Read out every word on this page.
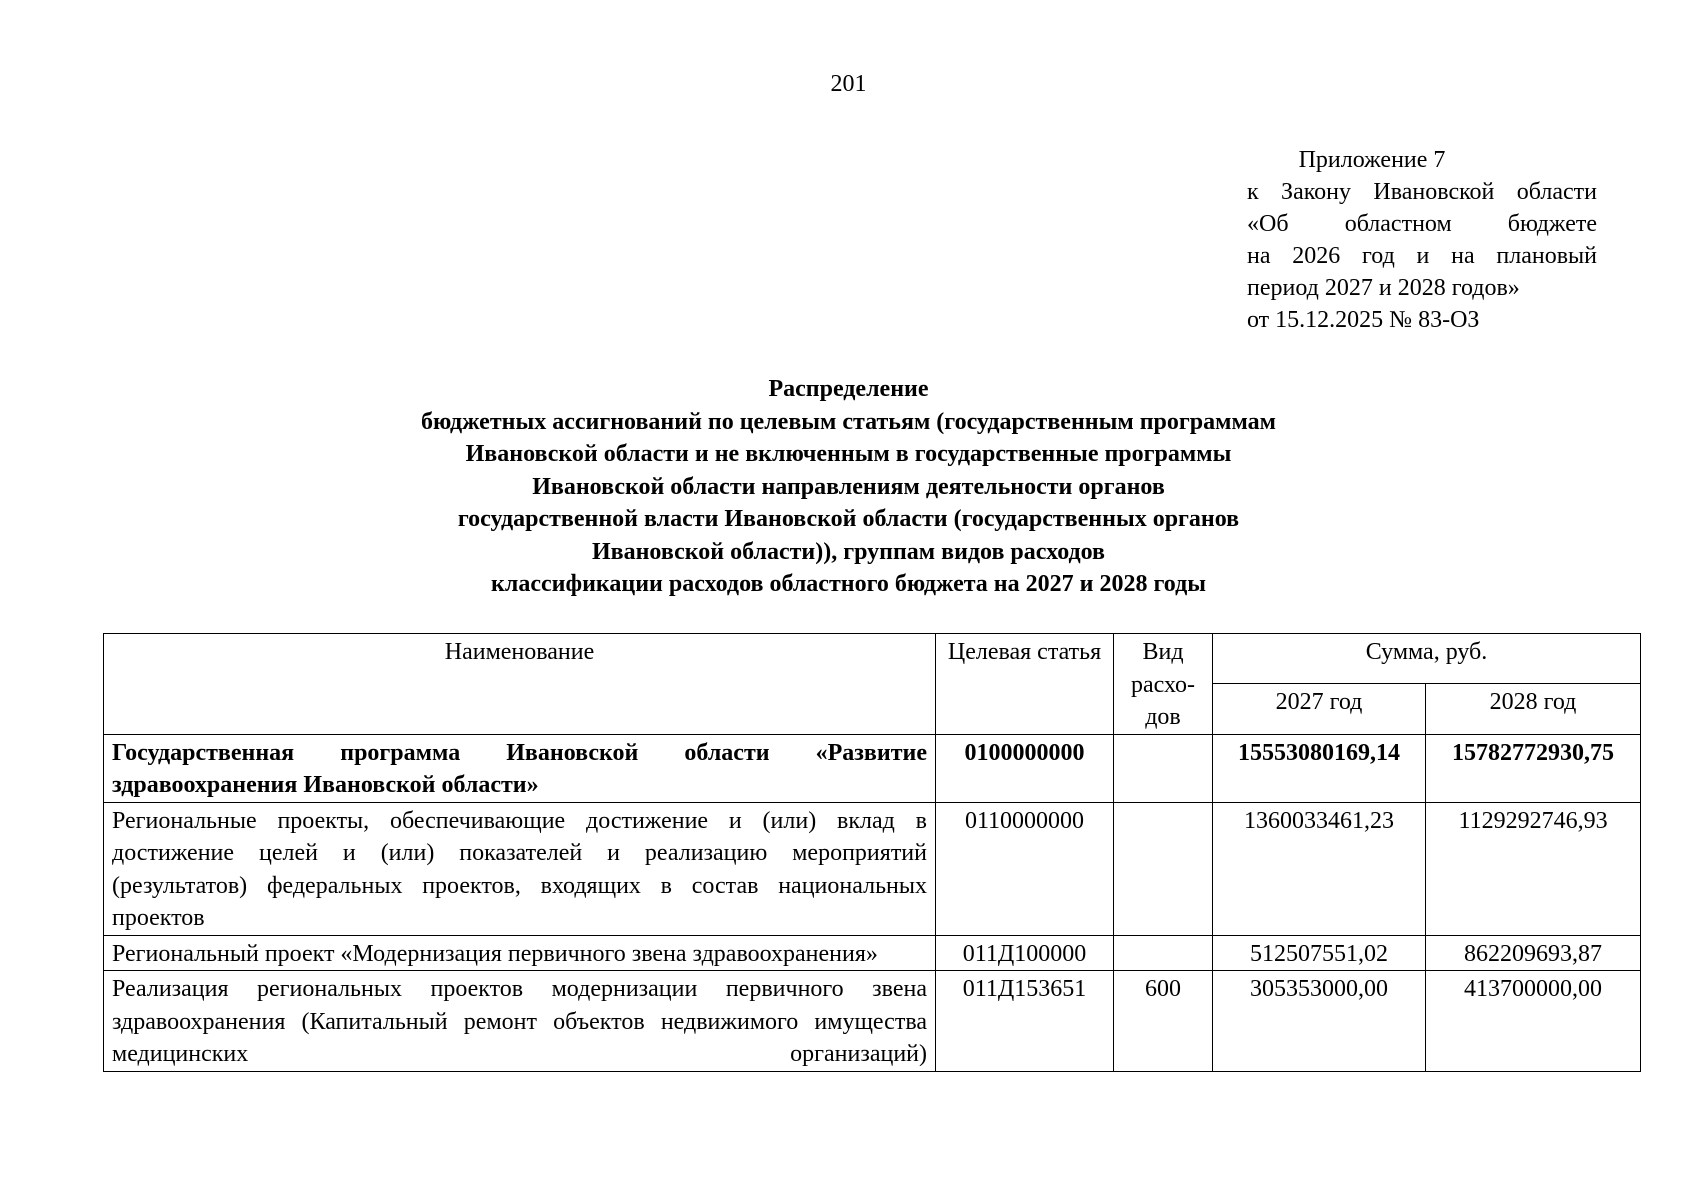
201
Приложение 7
к Закону Ивановской области
«Об областном бюджете
на 2026 год и на плановый
период 2027 и 2028 годов»
от 15.12.2025 № 83-ОЗ
Распределение
бюджетных ассигнований по целевым статьям (государственным программам
Ивановской области и не включенным в государственные программы
Ивановской области направлениям деятельности органов
государственной власти Ивановской области (государственных органов
Ивановской области)), группам видов расходов
классификации расходов областного бюджета на 2027 и 2028 годы
Наименование	Целевая статья	Вид расхо-дов	Сумма, руб.	
			2027 год	2028 год
Государственная программа Ивановской области «Развитие здравоохранения Ивановской области»	0100000000		15553080169,14	15782772930,75
Региональные проекты, обеспечивающие достижение и (или) вклад в достижение целей и (или) показателей и реализацию мероприятий (результатов) федеральных проектов, входящих в состав национальных проектов	0110000000		1360033461,23	1129292746,93
Региональный проект «Модернизация первичного звена здравоохранения»	011Д100000		512507551,02	862209693,87
Реализация региональных проектов модернизации первичного звена здравоохранения (Капитальный ремонт объектов недвижимого имущества медицинских организаций)	011Д153651	600	305353000,00	413700000,00
